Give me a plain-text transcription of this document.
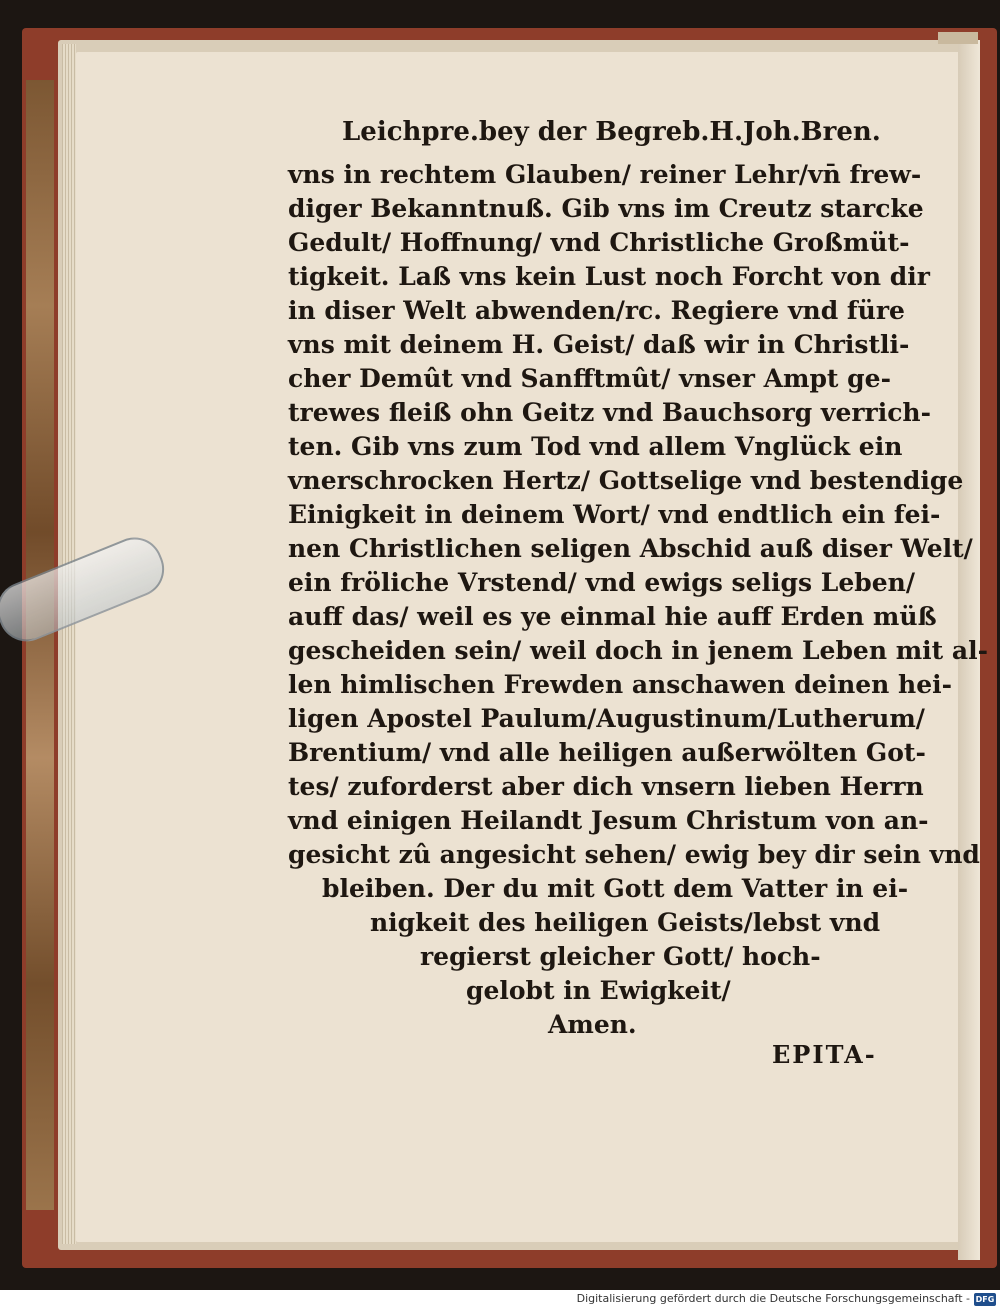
Leichpre.bey der Begreb.H.Joh.Bren.
vns in rechtem Glauben/ reiner Lehr/vn̄ frew-
diger Bekanntnuß. Gib vns im Creutz starcke
Gedult/ Hoffnung/ vnd Christliche Großmüt-
tigkeit. Laß vns kein Lust noch Forcht von dir
in diser Welt abwenden/rc. Regiere vnd füre
vns mit deinem H. Geist/ daß wir in Christli-
cher Demût vnd Sanfftmût/ vnser Ampt ge-
trewes fleiß ohn Geitz vnd Bauchsorg verrich-
ten. Gib vns zum Tod vnd allem Vnglück ein
vnerschrocken Hertz/ Gottselige vnd bestendige
Einigkeit in deinem Wort/ vnd endtlich ein fei-
nen Christlichen seligen Abschid auß diser Welt/
ein fröliche Vrstend/ vnd ewigs seligs Leben/
auff das/ weil es ye einmal hie auff Erden müß
gescheiden sein/ weil doch in jenem Leben mit al-
len himlischen Frewden anschawen deinen hei-
ligen Apostel Paulum/Augustinum/Lutherum/
Brentium/ vnd alle heiligen außerwölten Got-
tes/ zuforderst aber dich vnsern lieben Herrn
vnd einigen Heilandt Jesum Christum von an-
gesicht zû angesicht sehen/ ewig bey dir sein vnd
bleiben. Der du mit Gott dem Vatter in ei-
nigkeit des heiligen Geists/lebst vnd
regierst gleicher Gott/ hoch-
gelobt in Ewigkeit/
Amen.
EPITA-
Digitalisierung gefördert durch die Deutsche Forschungsgemeinschaft - DFG
